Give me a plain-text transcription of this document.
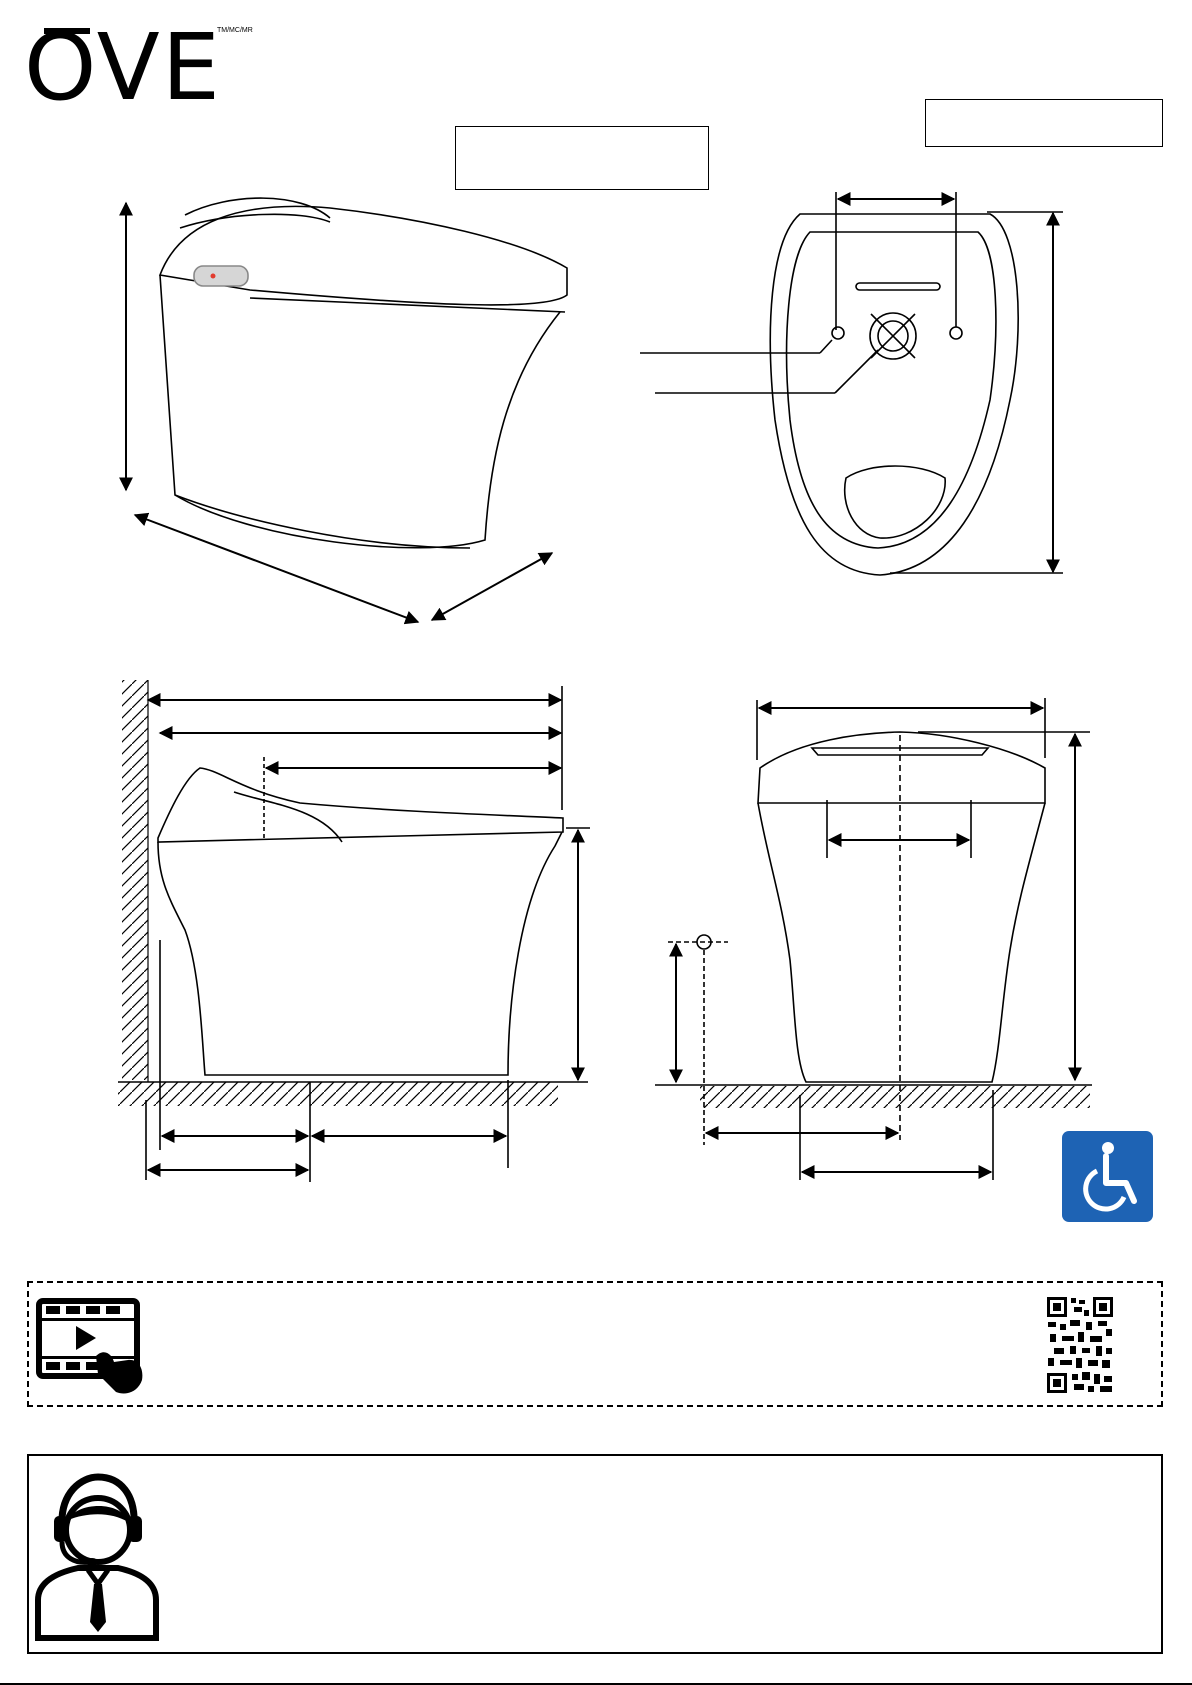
OVE
TM/MC/MR
